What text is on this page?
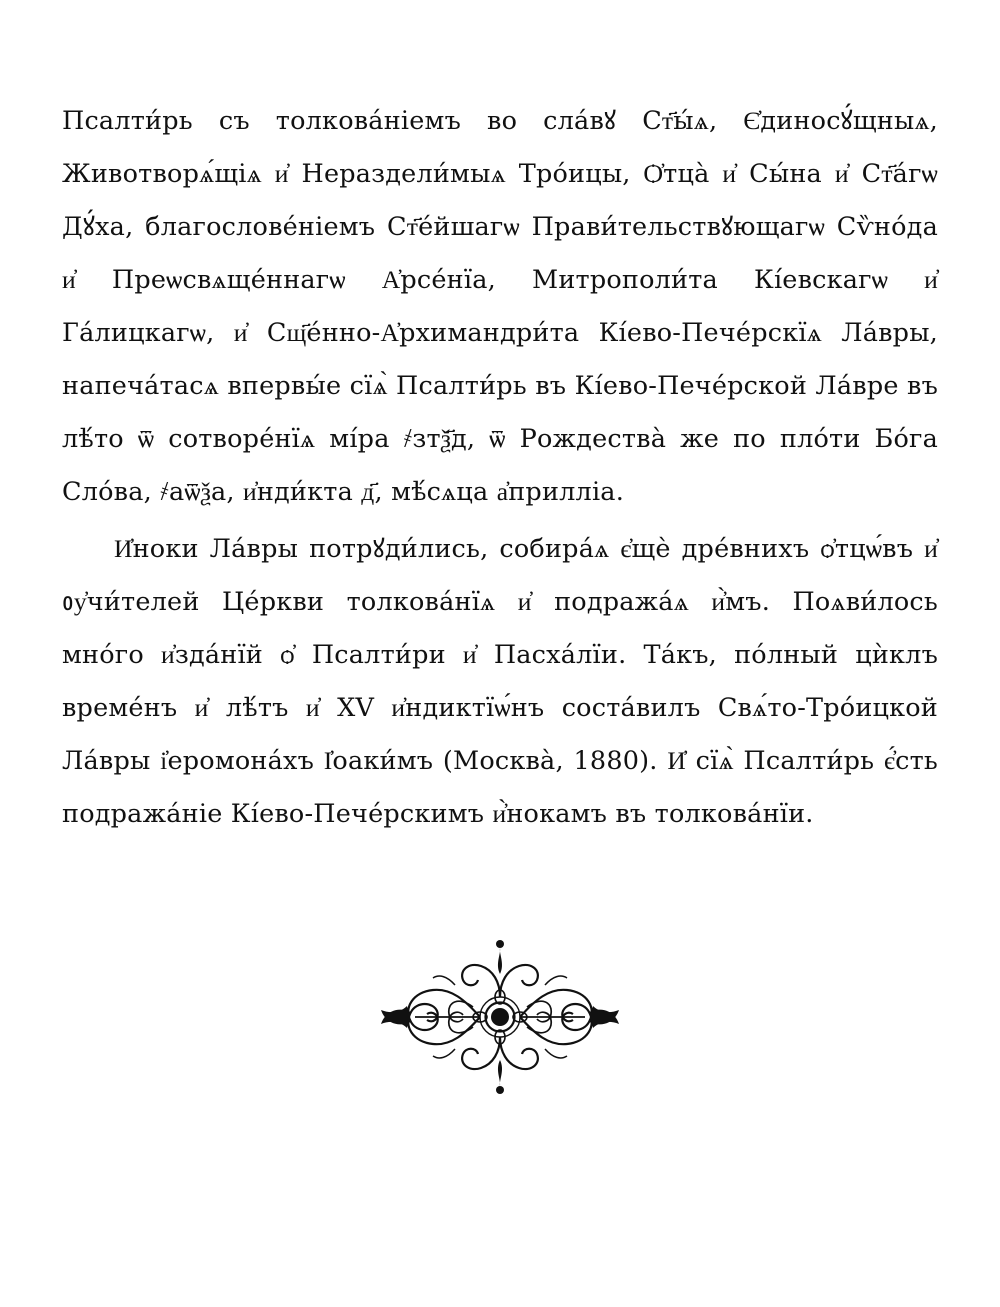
Псалти́рь съ толкова́ніемъ во сла́вꙋ Ст҃ы́ѧ, Є҆диносꙋ́щныѧ, Животворѧ́щіѧ и҆ Нераздели́мыѧ Тро́ицы, Ѻ҆тца̀ и҆ Сы́на и҆ Ст҃а́гѡ Дꙋ́ха, благослове́ніемъ Ст҃е́йшагѡ Прави́тельствꙋющагѡ Сѷно́да и҆ Преѡсвѧще́ннагѡ А҆рсе́нїа, Митрополи́та Кі́евскагѡ и҆ Га́лицкагѡ, и҆ Сщ҃е́нно-А҆рхимандри́та Кі́ево-Пече́рскїѧ Ла́вры, напеча́тасѧ впервы́е сїѧ̀ Псалти́рь въ Кі́ево-Пече́рской Ла́вре въ лѣ́то ѿ сотворе́нїѧ мі́ра ҂зтѯ҃д, ѿ Рождества̀ же по пло́ти Бо́га Сло́ва, ҂аѿѯа, и҆нди́кта д҃, мѣ́сѧца а҆прилліа.

И҆ноки Ла́вры потрꙋди́лись, собира́ѧ є҆щѐ дре́внихъ ѻ҆тцѡ́въ и҆ ᲂу҆чи́телей Це́ркви толкова́нїѧ и҆ подража́ѧ и҆̀мъ. Поѧви́лось мно́го и҆зда́нїй ѻ҆ Псалти́ри и҆ Пасха́лїи. Та́къ, по́лный цѝклъ време́нъ и҆ лѣ́тъ и҆ XV и҆ндиктїѡ́нъ соста́вилъ Свѧ́то-Тро́ицкой Ла́вры і҆еромона́хъ І҆оаки́мъ (Москва̀, 1880). И҆ сїѧ̀ Псалти́рь є҆́сть подража́ніе Кі́ево-Пече́рскимъ и҆̀нокамъ въ толкова́нїи.
